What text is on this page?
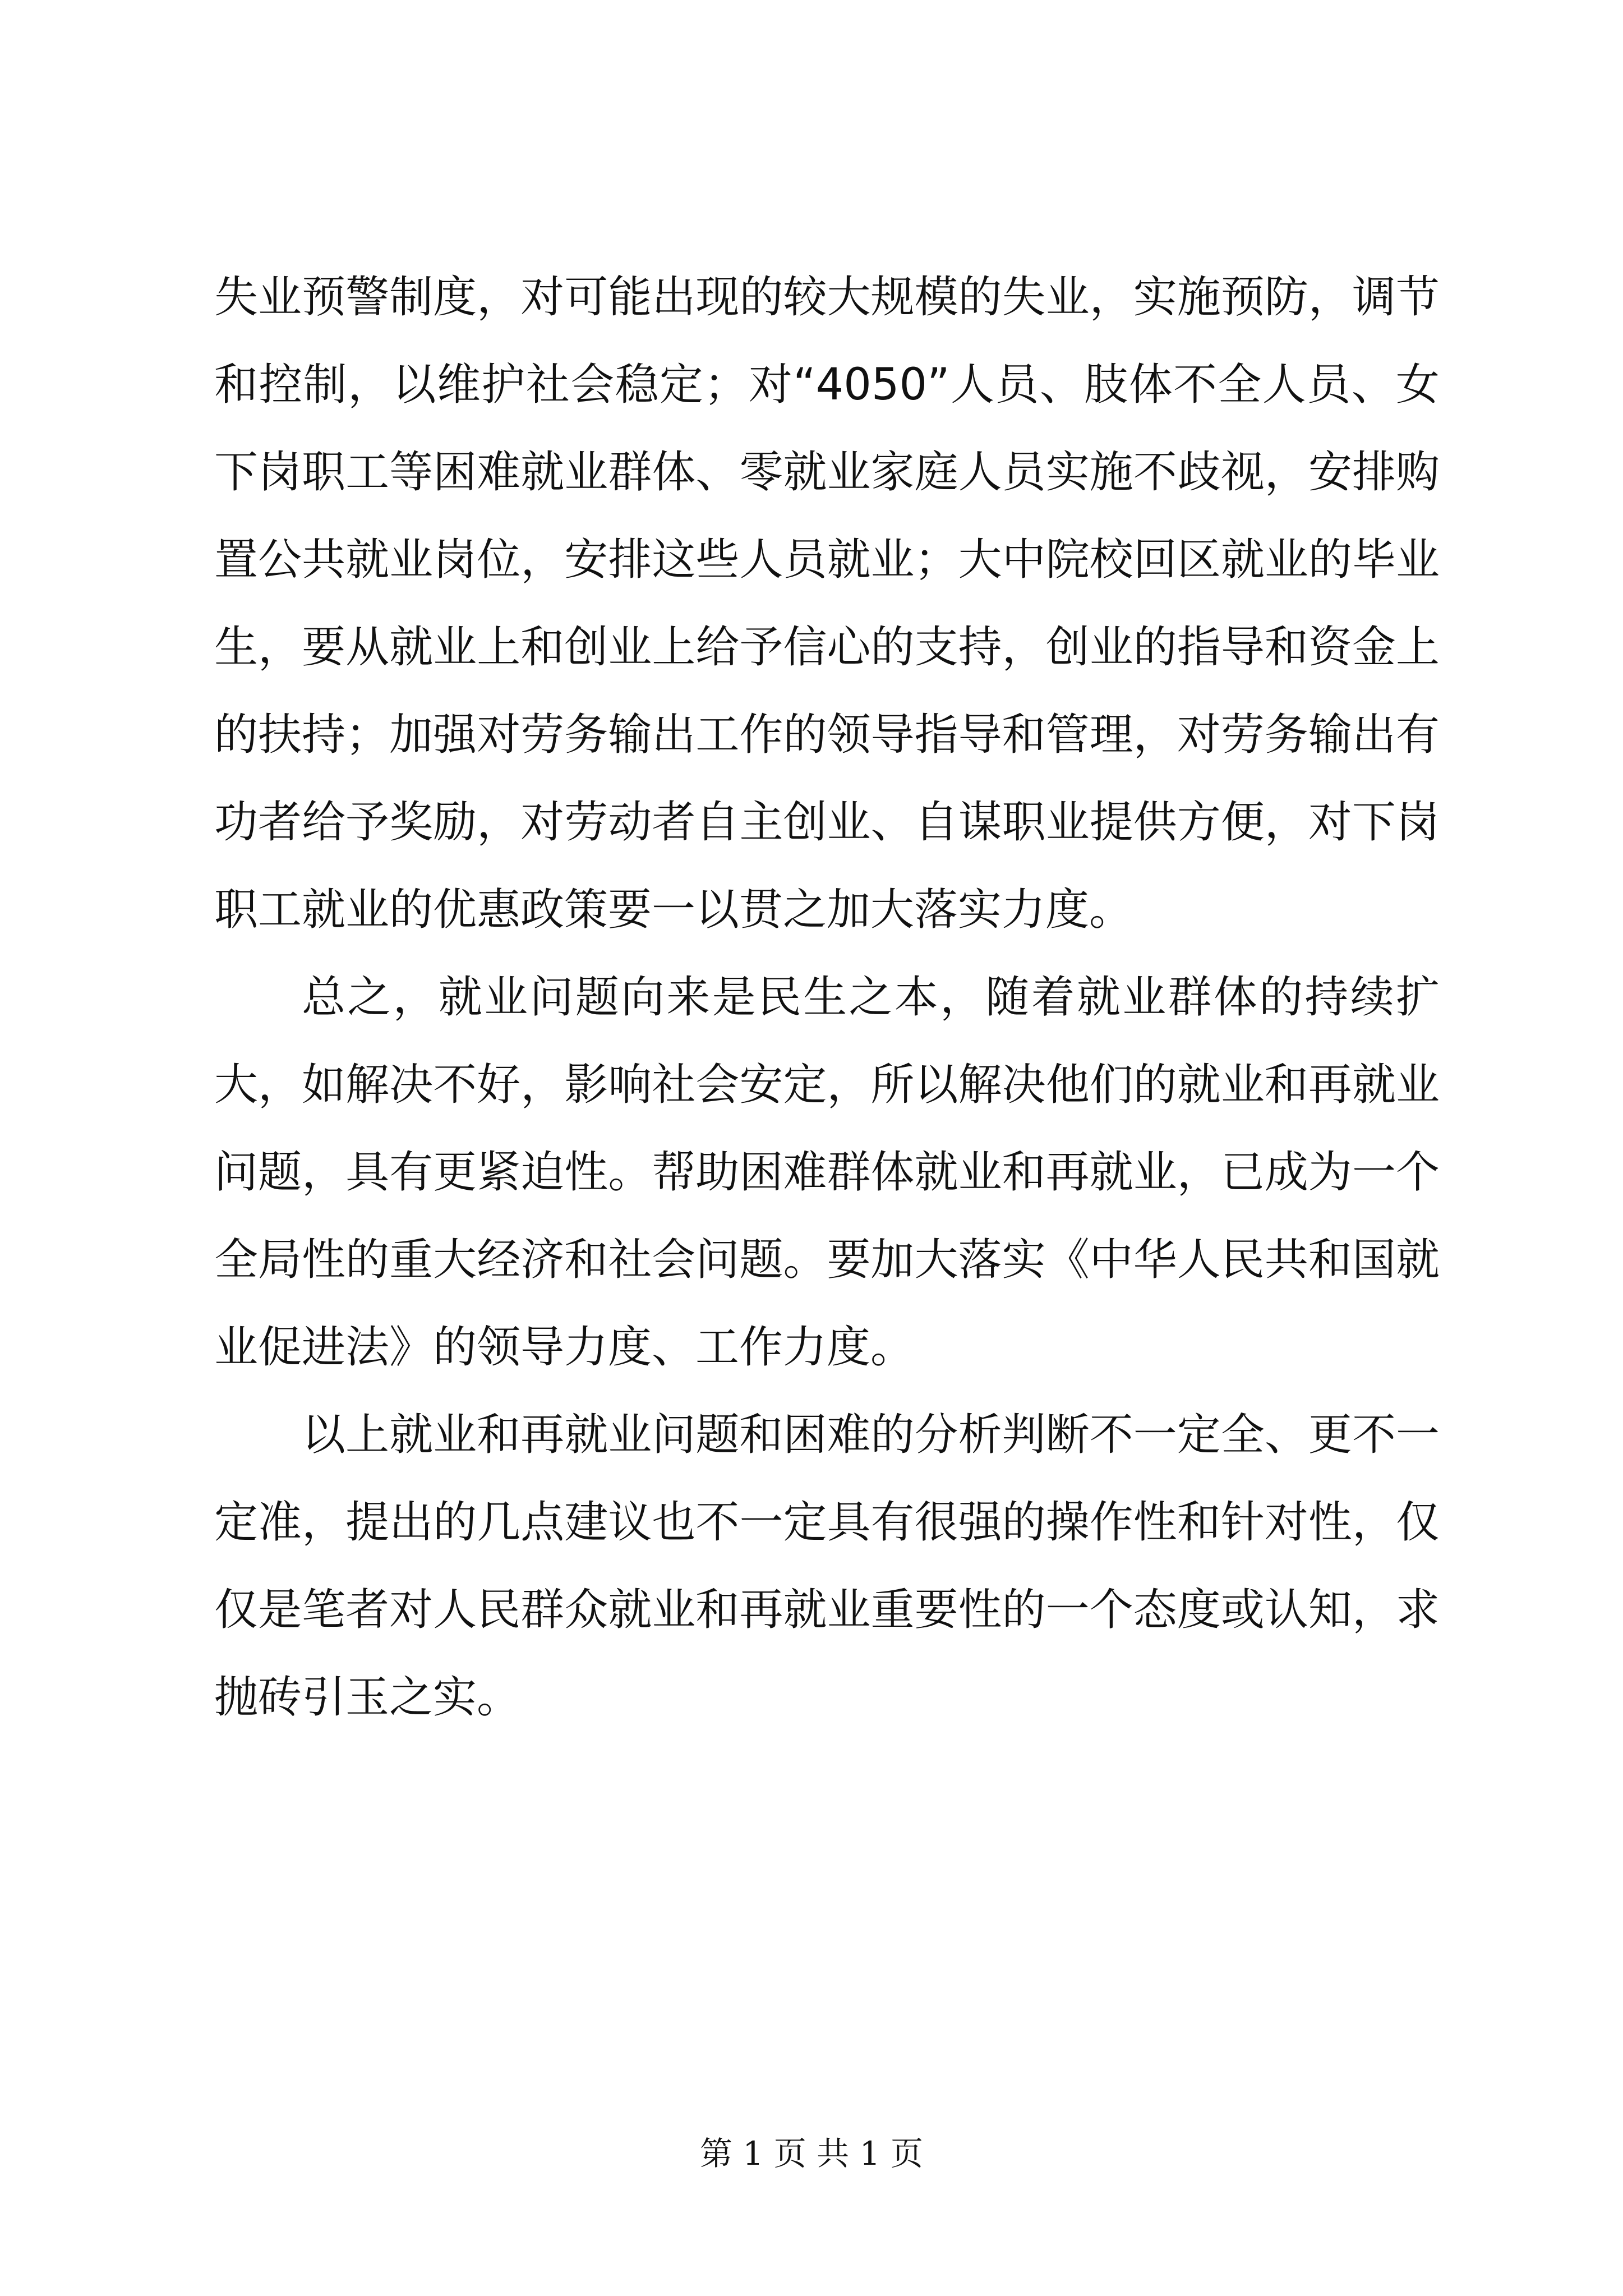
失业预警制度，对可能出现的较大规模的失业，实施预防，调节和控制，以维护社会稳定；对“4050”人员、肢体不全人员、女下岗职工等困难就业群体、零就业家庭人员实施不歧视，安排购置公共就业岗位，安排这些人员就业；大中院校回区就业的毕业生，要从就业上和创业上给予信心的支持，创业的指导和资金上的扶持；加强对劳务输出工作的领导指导和管理，对劳务输出有功者给予奖励，对劳动者自主创业、自谋职业提供方便，对下岗职工就业的优惠政策要一以贯之加大落实力度。

总之，就业问题向来是民生之本，随着就业群体的持续扩大，如解决不好，影响社会安定，所以解决他们的就业和再就业问题，具有更紧迫性。帮助困难群体就业和再就业，已成为一个全局性的重大经济和社会问题。要加大落实《中华人民共和国就业促进法》的领导力度、工作力度。

以上就业和再就业问题和困难的分析判断不一定全、更不一定准，提出的几点建议也不一定具有很强的操作性和针对性，仅仅是笔者对人民群众就业和再就业重要性的一个态度或认知，求抛砖引玉之实。

第 1 页 共 1 页
